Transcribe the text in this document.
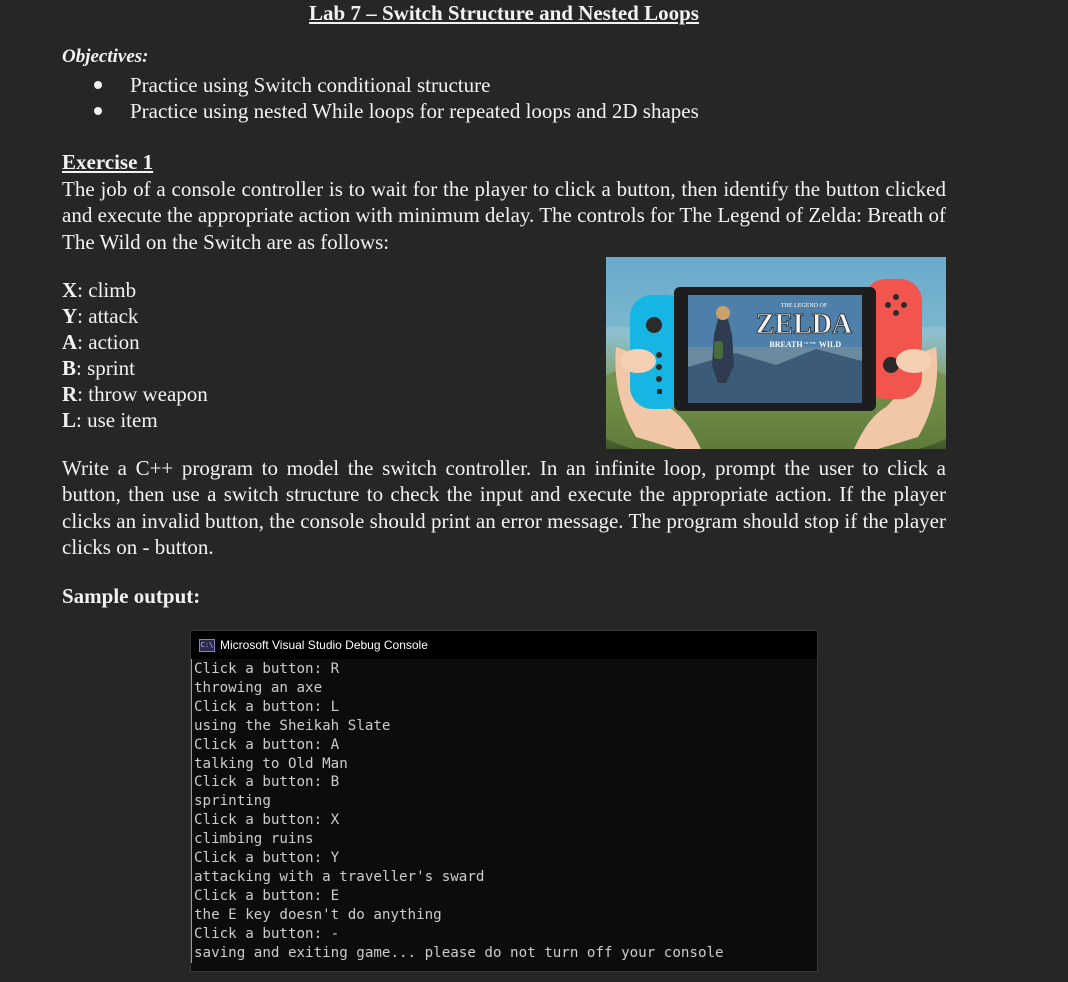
Lab 7 – Switch Structure and Nested Loops
Objectives:
Practice using Switch conditional structure
Practice using nested While loops for repeated loops and 2D shapes
Exercise 1

The job of a console controller is to wait for the player to click a button, then identify the button clicked and execute the appropriate action with minimum delay. The controls for The Legend of Zelda: Breath of The Wild on the Switch are as follows:

X: climb
Y: attack
A: action
B: sprint
R: throw weapon
L: use item
THE LEGEND OF
ZELDA
BREATH OF THE WILD

Write a C++ program to model the switch controller. In an infinite loop, prompt the user to click a button, then use a switch structure to check the input and execute the appropriate action. If the player clicks an invalid button, the console should print an error message. The program should stop if the player clicks on - button.

Sample output:
C:\ Microsoft Visual Studio Debug Console
Click a button: R
throwing an axe
Click a button: L
using the Sheikah Slate
Click a button: A
talking to Old Man
Click a button: B
sprinting
Click a button: X
climbing ruins
Click a button: Y
attacking with a traveller's sward
Click a button: E
the E key doesn't do anything
Click a button: -
saving and exiting game... please do not turn off your console
